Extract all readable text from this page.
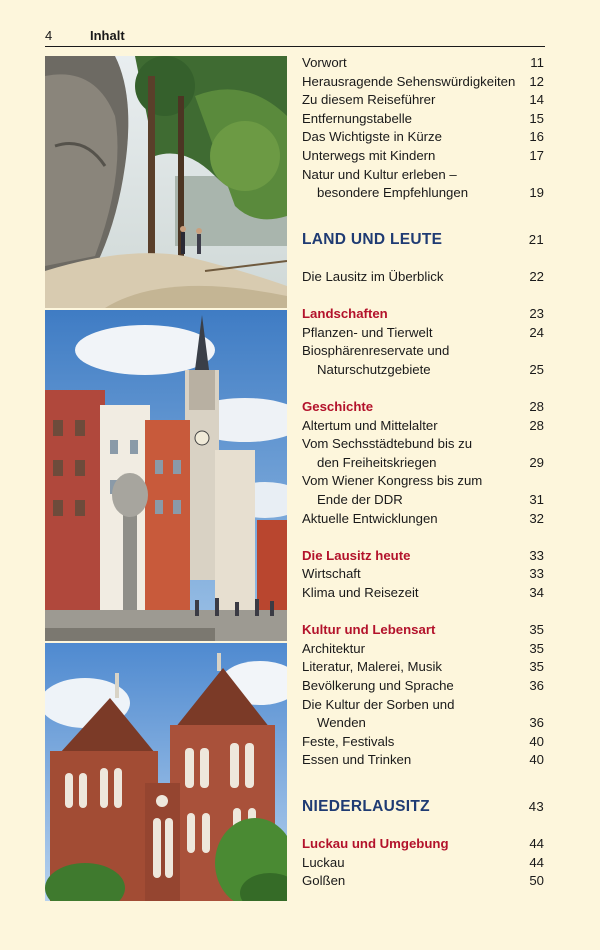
4	Inhalt
Vorwort	11
Herausragende Sehenswürdigkeiten	12
Zu diesem Reiseführer	14
Entfernungstabelle	15
Das Wichtigste in Kürze	16
Unterwegs mit Kindern	17
Natur und Kultur erleben –
besondere Empfehlungen	19
LAND UND LEUTE	21
Die Lausitz im Überblick	22
Landschaften	23
Pflanzen- und Tierwelt	24
Biosphärenreservate und
Naturschutzgebiete	25
Geschichte	28
Altertum und Mittelalter	28
Vom Sechsstädtebund bis zu
den Freiheitskriegen	29
Vom Wiener Kongress bis zum
Ende der DDR	31
Aktuelle Entwicklungen	32
Die Lausitz heute	33
Wirtschaft	33
Klima und Reisezeit	34
Kultur und Lebensart	35
Architektur	35
Literatur, Malerei, Musik	35
Bevölkerung und Sprache	36
Die Kultur der Sorben und
Wenden	36
Feste, Festivals	40
Essen und Trinken	40
NIEDERLAUSITZ	43
Luckau und Umgebung	44
Luckau	44
Golßen	50
